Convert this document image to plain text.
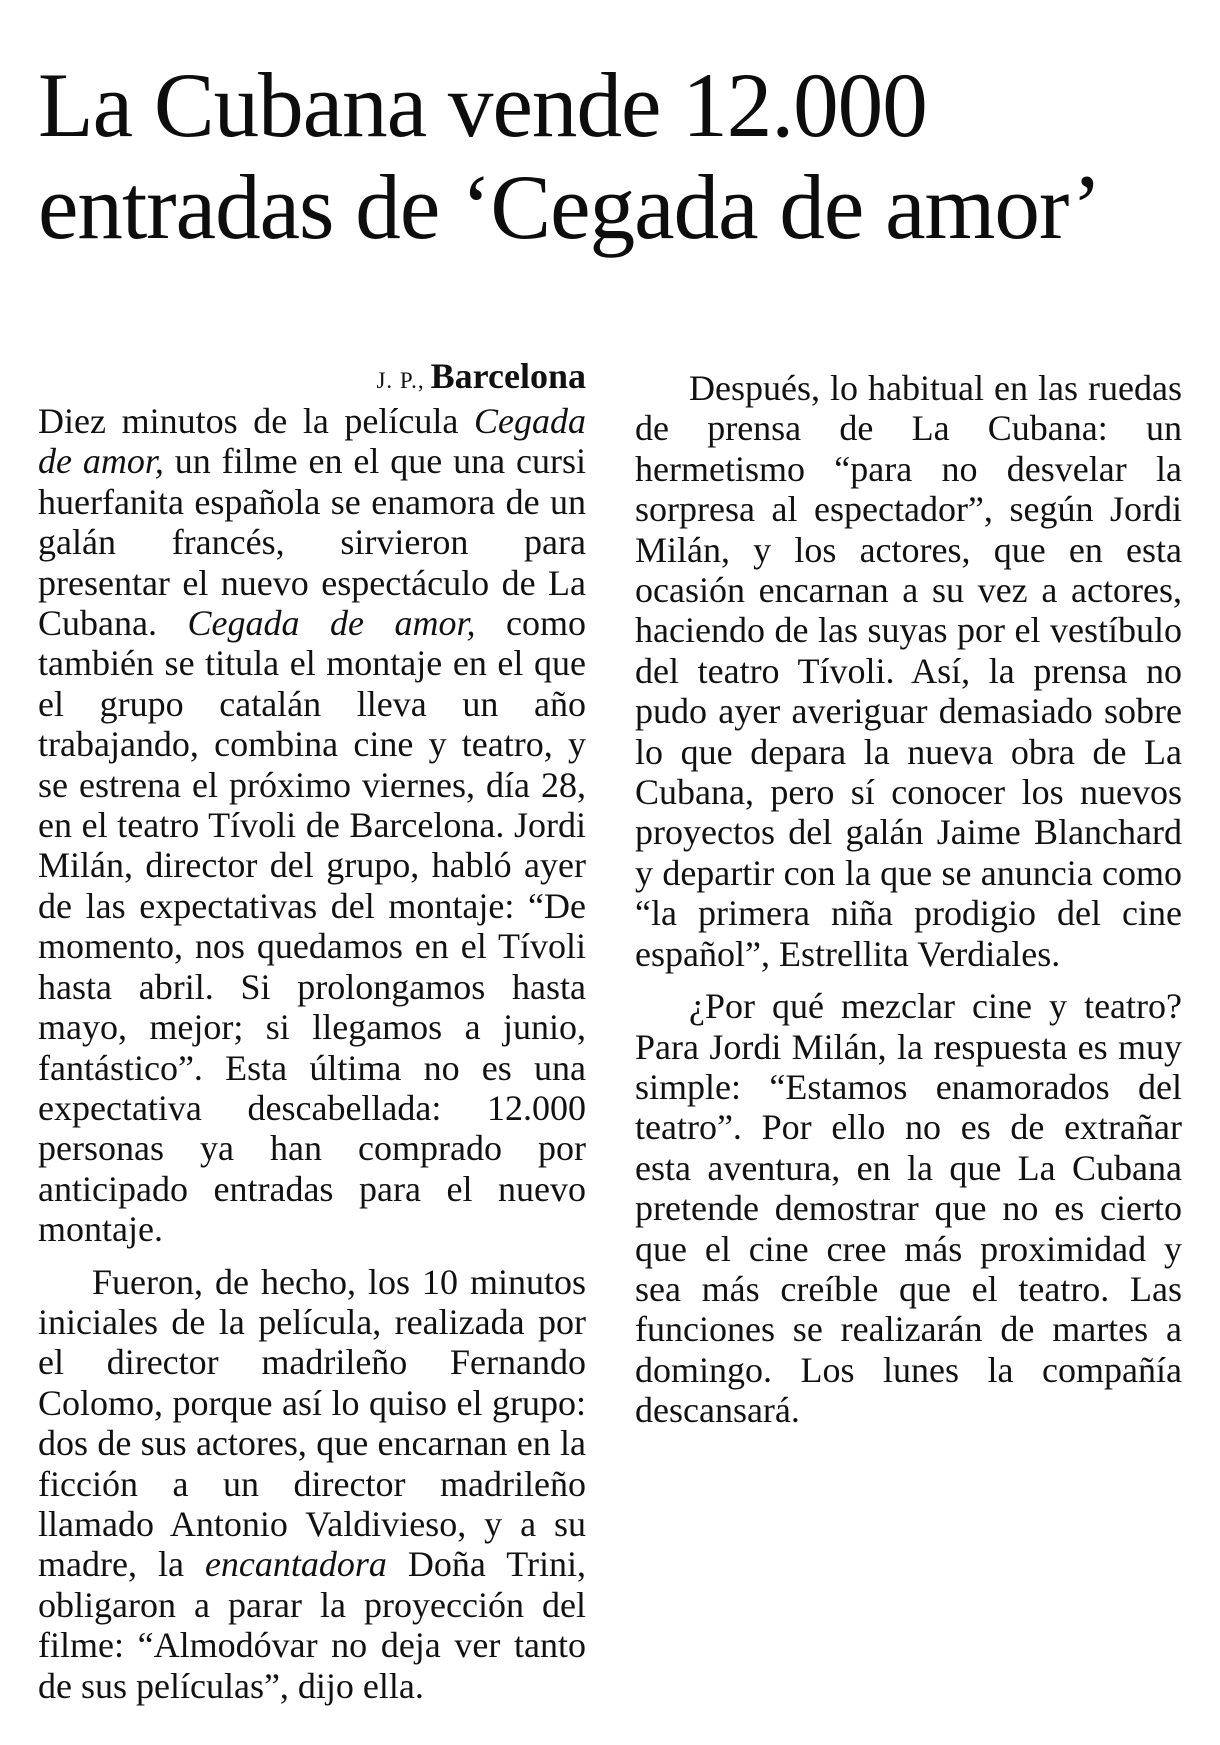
La Cubana vende 12.000
entradas de ‘Cegada de amor’
J. P., Barcelona

Diez minutos de la película Cegada de amor, un filme en el que una cursi huerfanita española se enamora de un galán francés, sirvieron para presentar el nuevo espectáculo de La Cubana. Cegada de amor, como también se titula el montaje en el que el grupo catalán lleva un año trabajando, combina cine y teatro, y se estrena el próximo viernes, día 28, en el teatro Tívoli de Barcelona. Jordi Milán, director del grupo, habló ayer de las expectativas del montaje: “De momento, nos quedamos en el Tívoli hasta abril. Si prolongamos hasta mayo, mejor; si llegamos a junio, fantástico”. Esta última no es una expectativa descabellada: 12.000 personas ya han comprado por anticipado entradas para el nuevo montaje.

Fueron, de hecho, los 10 minutos iniciales de la película, realizada por el director madrileño Fernando Colomo, porque así lo quiso el grupo: dos de sus actores, que encarnan en la ficción a un director madrileño llamado Antonio Valdivieso, y a su madre, la encantadora Doña Trini, obligaron a parar la proyección del filme: “Almodóvar no deja ver tanto de sus películas”, dijo ella.

Después, lo habitual en las ruedas de prensa de La Cubana: un hermetismo “para no desvelar la sorpresa al espectador”, según Jordi Milán, y los actores, que en esta ocasión encarnan a su vez a actores, haciendo de las suyas por el vestíbulo del teatro Tívoli. Así, la prensa no pudo ayer averiguar demasiado sobre lo que depara la nueva obra de La Cubana, pero sí conocer los nuevos proyectos del galán Jaime Blanchard y departir con la que se anuncia como “la primera niña prodigio del cine español”, Estrellita Verdiales.

¿Por qué mezclar cine y teatro? Para Jordi Milán, la respuesta es muy simple: “Estamos enamorados del teatro”. Por ello no es de extrañar esta aventura, en la que La Cubana pretende demostrar que no es cierto que el cine cree más proximidad y sea más creíble que el teatro. Las funciones se realizarán de martes a domingo. Los lunes la compañía descansará.
